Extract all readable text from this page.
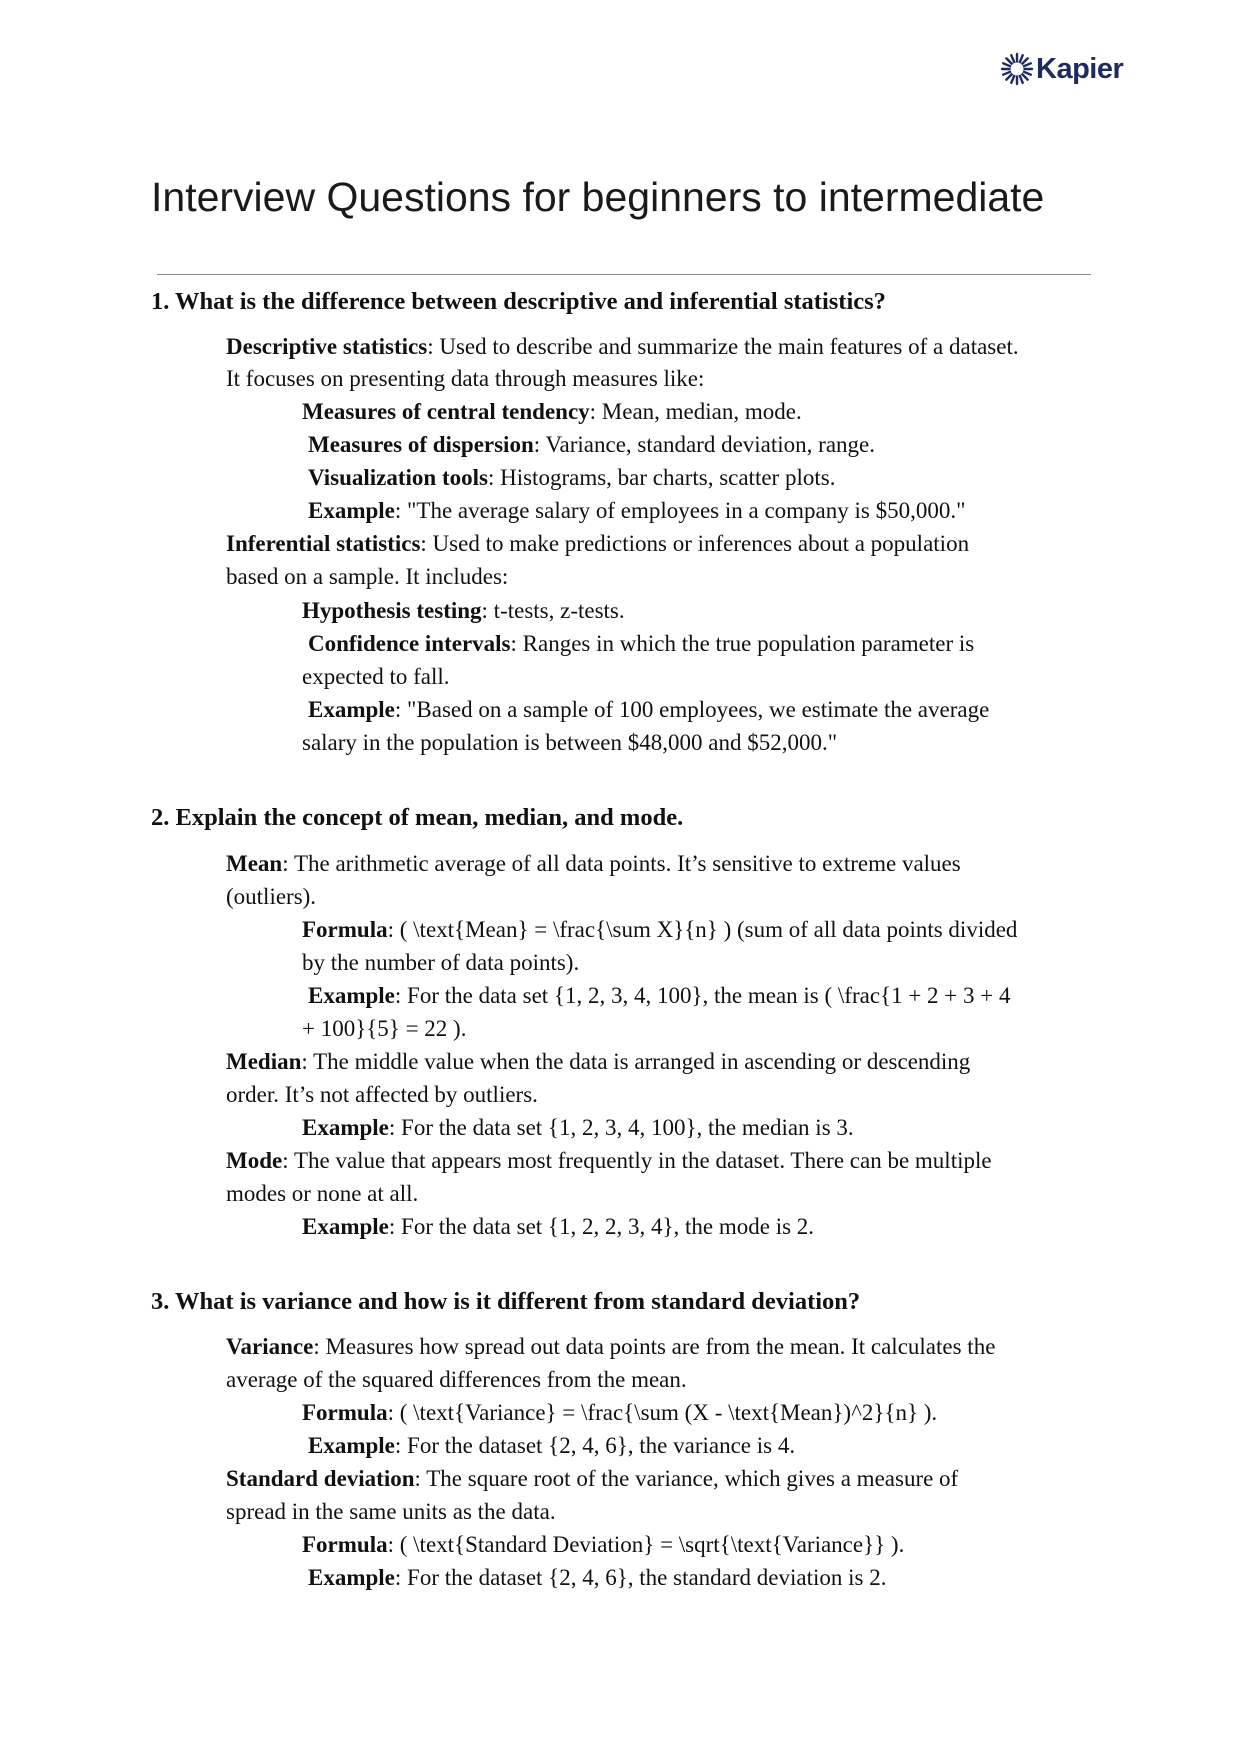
Kapier
Interview Questions for beginners to intermediate

1. What is the difference between descriptive and inferential statistics?

Descriptive statistics: Used to describe and summarize the main features of a dataset.

It focuses on presenting data through measures like:

Measures of central tendency: Mean, median, mode.

Measures of dispersion: Variance, standard deviation, range.

Visualization tools: Histograms, bar charts, scatter plots.

Example: "The average salary of employees in a company is $50,000."

Inferential statistics: Used to make predictions or inferences about a population

based on a sample. It includes:

Hypothesis testing: t-tests, z-tests.

Confidence intervals: Ranges in which the true population parameter is

expected to fall.

Example: "Based on a sample of 100 employees, we estimate the average

salary in the population is between $48,000 and $52,000."

2. Explain the concept of mean, median, and mode.

Mean: The arithmetic average of all data points. It’s sensitive to extreme values

(outliers).

Formula: ( \text{Mean} = \frac{\sum X}{n} ) (sum of all data points divided

by the number of data points).

Example: For the data set {1, 2, 3, 4, 100}, the mean is ( \frac{1 + 2 + 3 + 4

+ 100}{5} = 22 ).

Median: The middle value when the data is arranged in ascending or descending

order. It’s not affected by outliers.

Example: For the data set {1, 2, 3, 4, 100}, the median is 3.

Mode: The value that appears most frequently in the dataset. There can be multiple

modes or none at all.

Example: For the data set {1, 2, 2, 3, 4}, the mode is 2.

3. What is variance and how is it different from standard deviation?

Variance: Measures how spread out data points are from the mean. It calculates the

average of the squared differences from the mean.

Formula: ( \text{Variance} = \frac{\sum (X - \text{Mean})^2}{n} ).

Example: For the dataset {2, 4, 6}, the variance is 4.

Standard deviation: The square root of the variance, which gives a measure of

spread in the same units as the data.

Formula: ( \text{Standard Deviation} = \sqrt{\text{Variance}} ).

Example: For the dataset {2, 4, 6}, the standard deviation is 2.
